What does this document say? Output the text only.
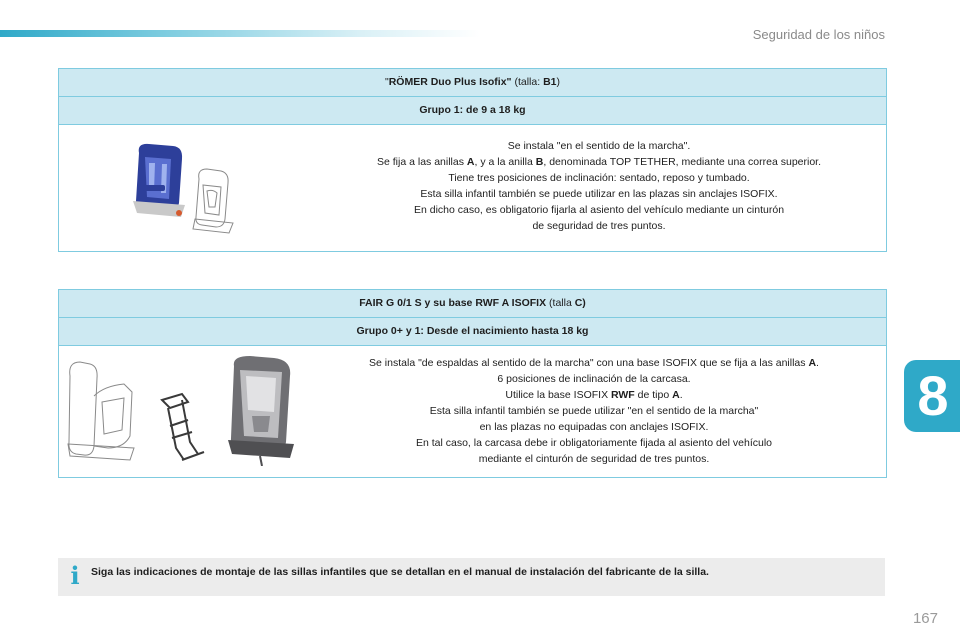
Seguridad de los niños
"RÖMER Duo Plus Isofix" (talla: B1)
Grupo 1: de 9 a 18 kg
Se instala "en el sentido de la marcha".
Se fija a las anillas A, y a la anilla B, denominada TOP TETHER, mediante una correa superior.
Tiene tres posiciones de inclinación: sentado, reposo y tumbado.
Esta silla infantil también se puede utilizar en las plazas sin anclajes ISOFIX.
En dicho caso, es obligatorio fijarla al asiento del vehículo mediante un cinturón
de seguridad de tres puntos.
FAIR G 0/1 S y su base RWF A ISOFIX (talla C)
Grupo 0+ y 1: Desde el nacimiento hasta 18 kg
Se instala "de espaldas al sentido de la marcha" con una base ISOFIX que se fija a las anillas A.
6 posiciones de inclinación de la carcasa.
Utilice la base ISOFIX RWF de tipo A.
Esta silla infantil también se puede utilizar "en el sentido de la marcha"
en las plazas no equipadas con anclajes ISOFIX.
En tal caso, la carcasa debe ir obligatoriamente fijada al asiento del vehículo
mediante el cinturón de seguridad de tres puntos.
8
i Siga las indicaciones de montaje de las sillas infantiles que se detallan en el manual de instalación del fabricante de la silla.
167
